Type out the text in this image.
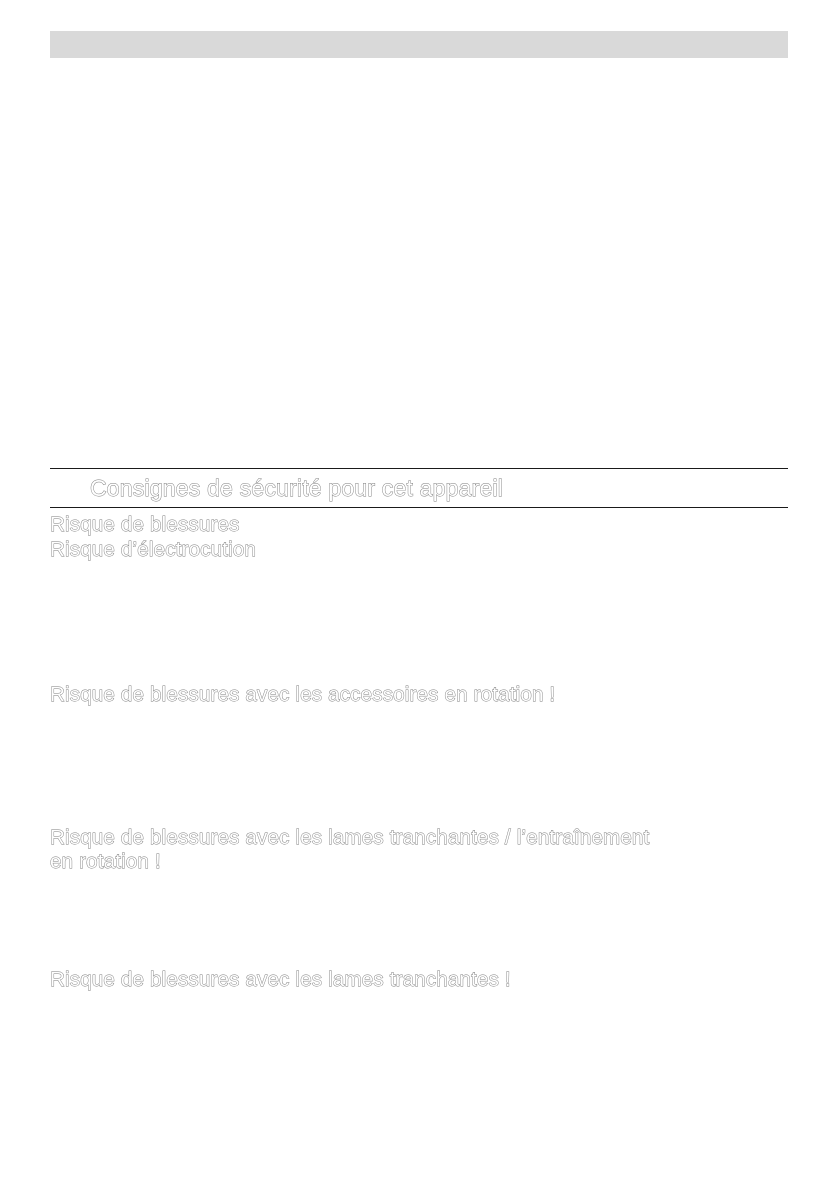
Consignes de sécurité pour cet appareil
Risque de blessures
Risque d’électrocution
Risque de blessures avec les accessoires en rotation !
Risque de blessures avec les lames tranchantes / l’entraînement
en rotation !
Risque de blessures avec les lames tranchantes !
